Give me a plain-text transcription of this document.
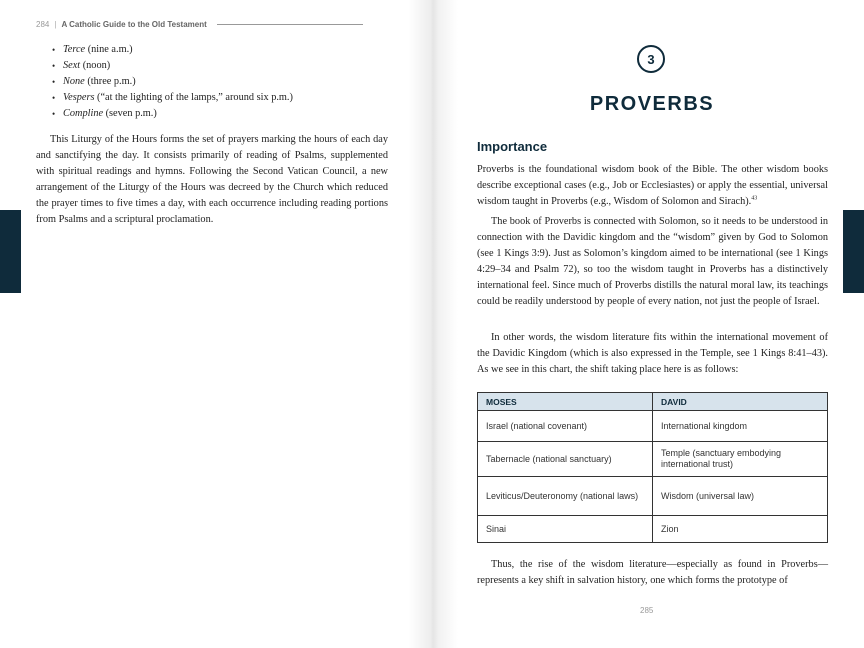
284 | A Catholic Guide to the Old Testament
• Terce (nine a.m.)
• Sext (noon)
• None (three p.m.)
• Vespers (“at the lighting of the lamps,” around six p.m.)
• Compline (seven p.m.)

This Liturgy of the Hours forms the set of prayers marking the hours of each day and sanctifying the day. It consists primarily of reading of Psalms, supplemented with spiritual readings and hymns. Following the Second Vatican Council, a new arrangement of the Liturgy of the Hours was decreed by the Church which reduced the prayer times to five times a day, with each occurrence including reading portions from Psalms and a scriptural proclamation.

3
PROVERBS
Importance

Proverbs is the foundational wisdom book of the Bible. The other wisdom books describe exceptional cases (e.g., Job or Ecclesiastes) or apply the essential, universal wisdom taught in Proverbs (e.g., Wisdom of Solomon and Sirach).$^{43}$

The book of Proverbs is connected with Solomon, so it needs to be understood in connection with the Davidic kingdom and the “wisdom” given by God to Solomon (see 1 Kings 3:9). Just as Solomon’s kingdom aimed to be international (see 1 Kings 4:29–34 and Psalm 72), so too the wisdom taught in Proverbs has a distinctively international feel. Since much of Proverbs distills the natural moral law, its teachings could be readily understood by people of every nation, not just the people of Israel.

In other words, the wisdom literature fits within the international movement of the Davidic Kingdom (which is also expressed in the Temple, see 1 Kings 8:41–43). As we see in this chart, the shift taking place here is as follows:

MOSES	DAVID
Israel (national covenant)	International kingdom
Tabernacle (national sanctuary)	Temple (sanctuary embodying international trust)
Leviticus/Deuteronomy (national laws)	Wisdom (universal law)
Sinai	Zion

Thus, the rise of the wisdom literature—especially as found in Proverbs—represents a key shift in salvation history, one which forms the prototype of

285
